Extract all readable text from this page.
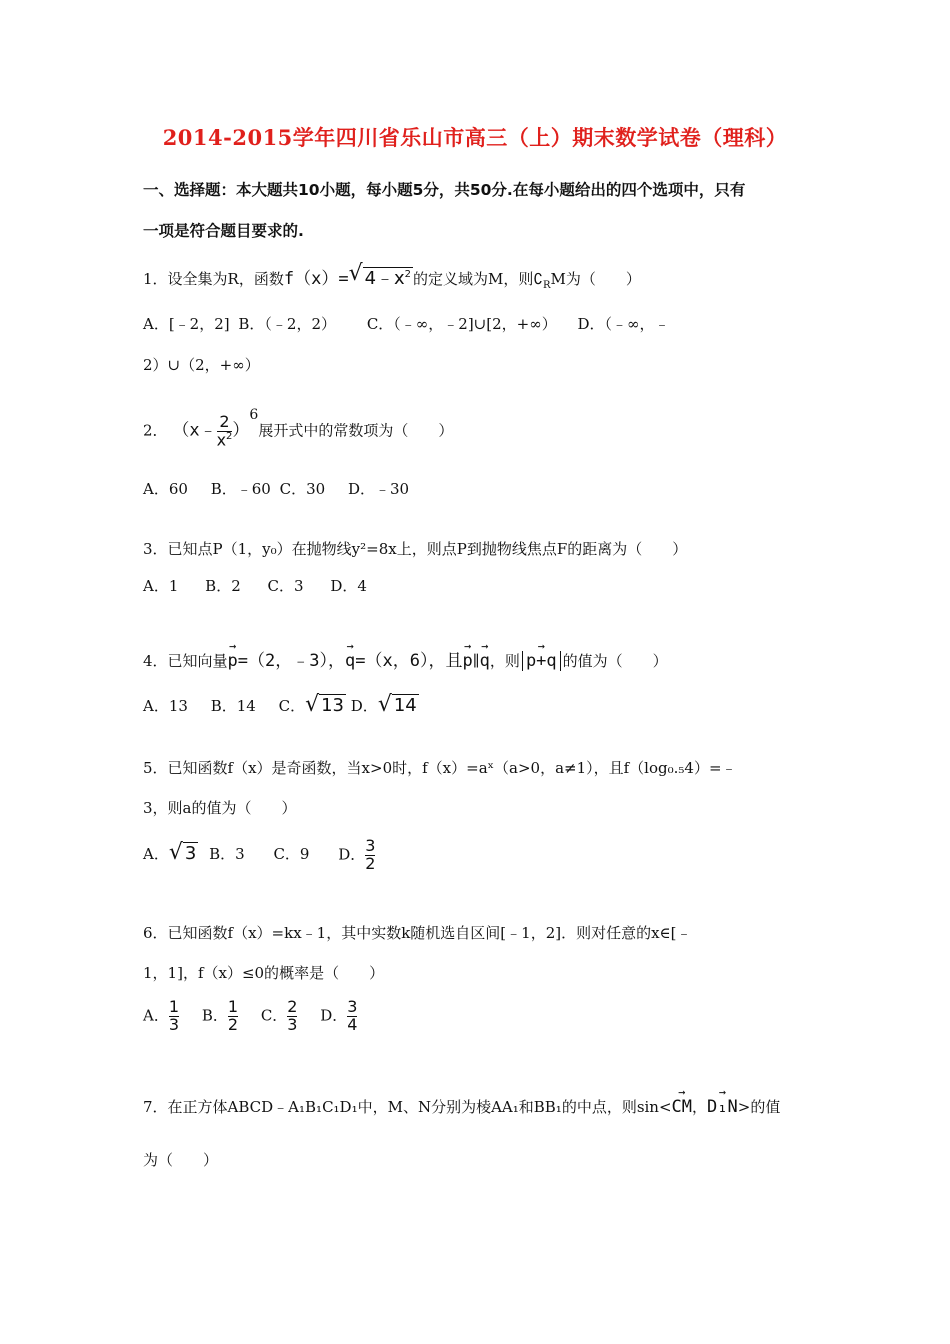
2014-2015学年四川省乐山市高三（上）期末数学试卷（理科）
一、选择题：本大题共10小题，每小题5分，共50分.在每小题给出的四个选项中，只有
一项是符合题目要求的.
1．设全集为R，函数f（x）= √ $4﹣x^2$ 的定义域为M，则$∁_RM$为（　　）
A．[﹣2，2] B．（﹣2，2） C．（﹣∞，﹣2]∪[2，+∞） D．（﹣∞，﹣
2）∪（2，+∞）
2． （x﹣ $\frac{2}{x^2} )^6$展开式中的常数项为（　　）
A．60 B．﹣60 C．30 D．﹣30
3．已知点P（1，y₀）在抛物线y²=8x上，则点P到抛物线焦点F的距离为（　　）
A．1 B．2 C．3 D．4
4．已知向量
→
p=（2，﹣3），
→
q=（x，6），且
→
p∥
→
q，则
→
p+q 的值为（　　）
A．13 B．14 C． √ 13 D． √ 14
5．已知函数f（x）是奇函数，当x>0时，f（x）=aˣ（a>0，a≠1），且f（log₀.₅4）=﹣
3，则a的值为（　　）
A． √ 3 B．3 C．9 D． $\frac{3}{2}$
6．已知函数f（x）=kx﹣1，其中实数k随机选自区间[﹣1，2]．则对任意的x∈[﹣
1，1]，f（x）≤0的概率是（　　）
A． $\frac{1}{3}$ B． $\frac{1}{2}$ C． $\frac{2}{3}$ D． $\frac{3}{4}$
7．在正方体ABCD﹣A₁B₁C₁D₁中，M、N分别为棱AA₁和BB₁的中点，则sin<
→
CM，
→
D₁N>的值
为（　　）
